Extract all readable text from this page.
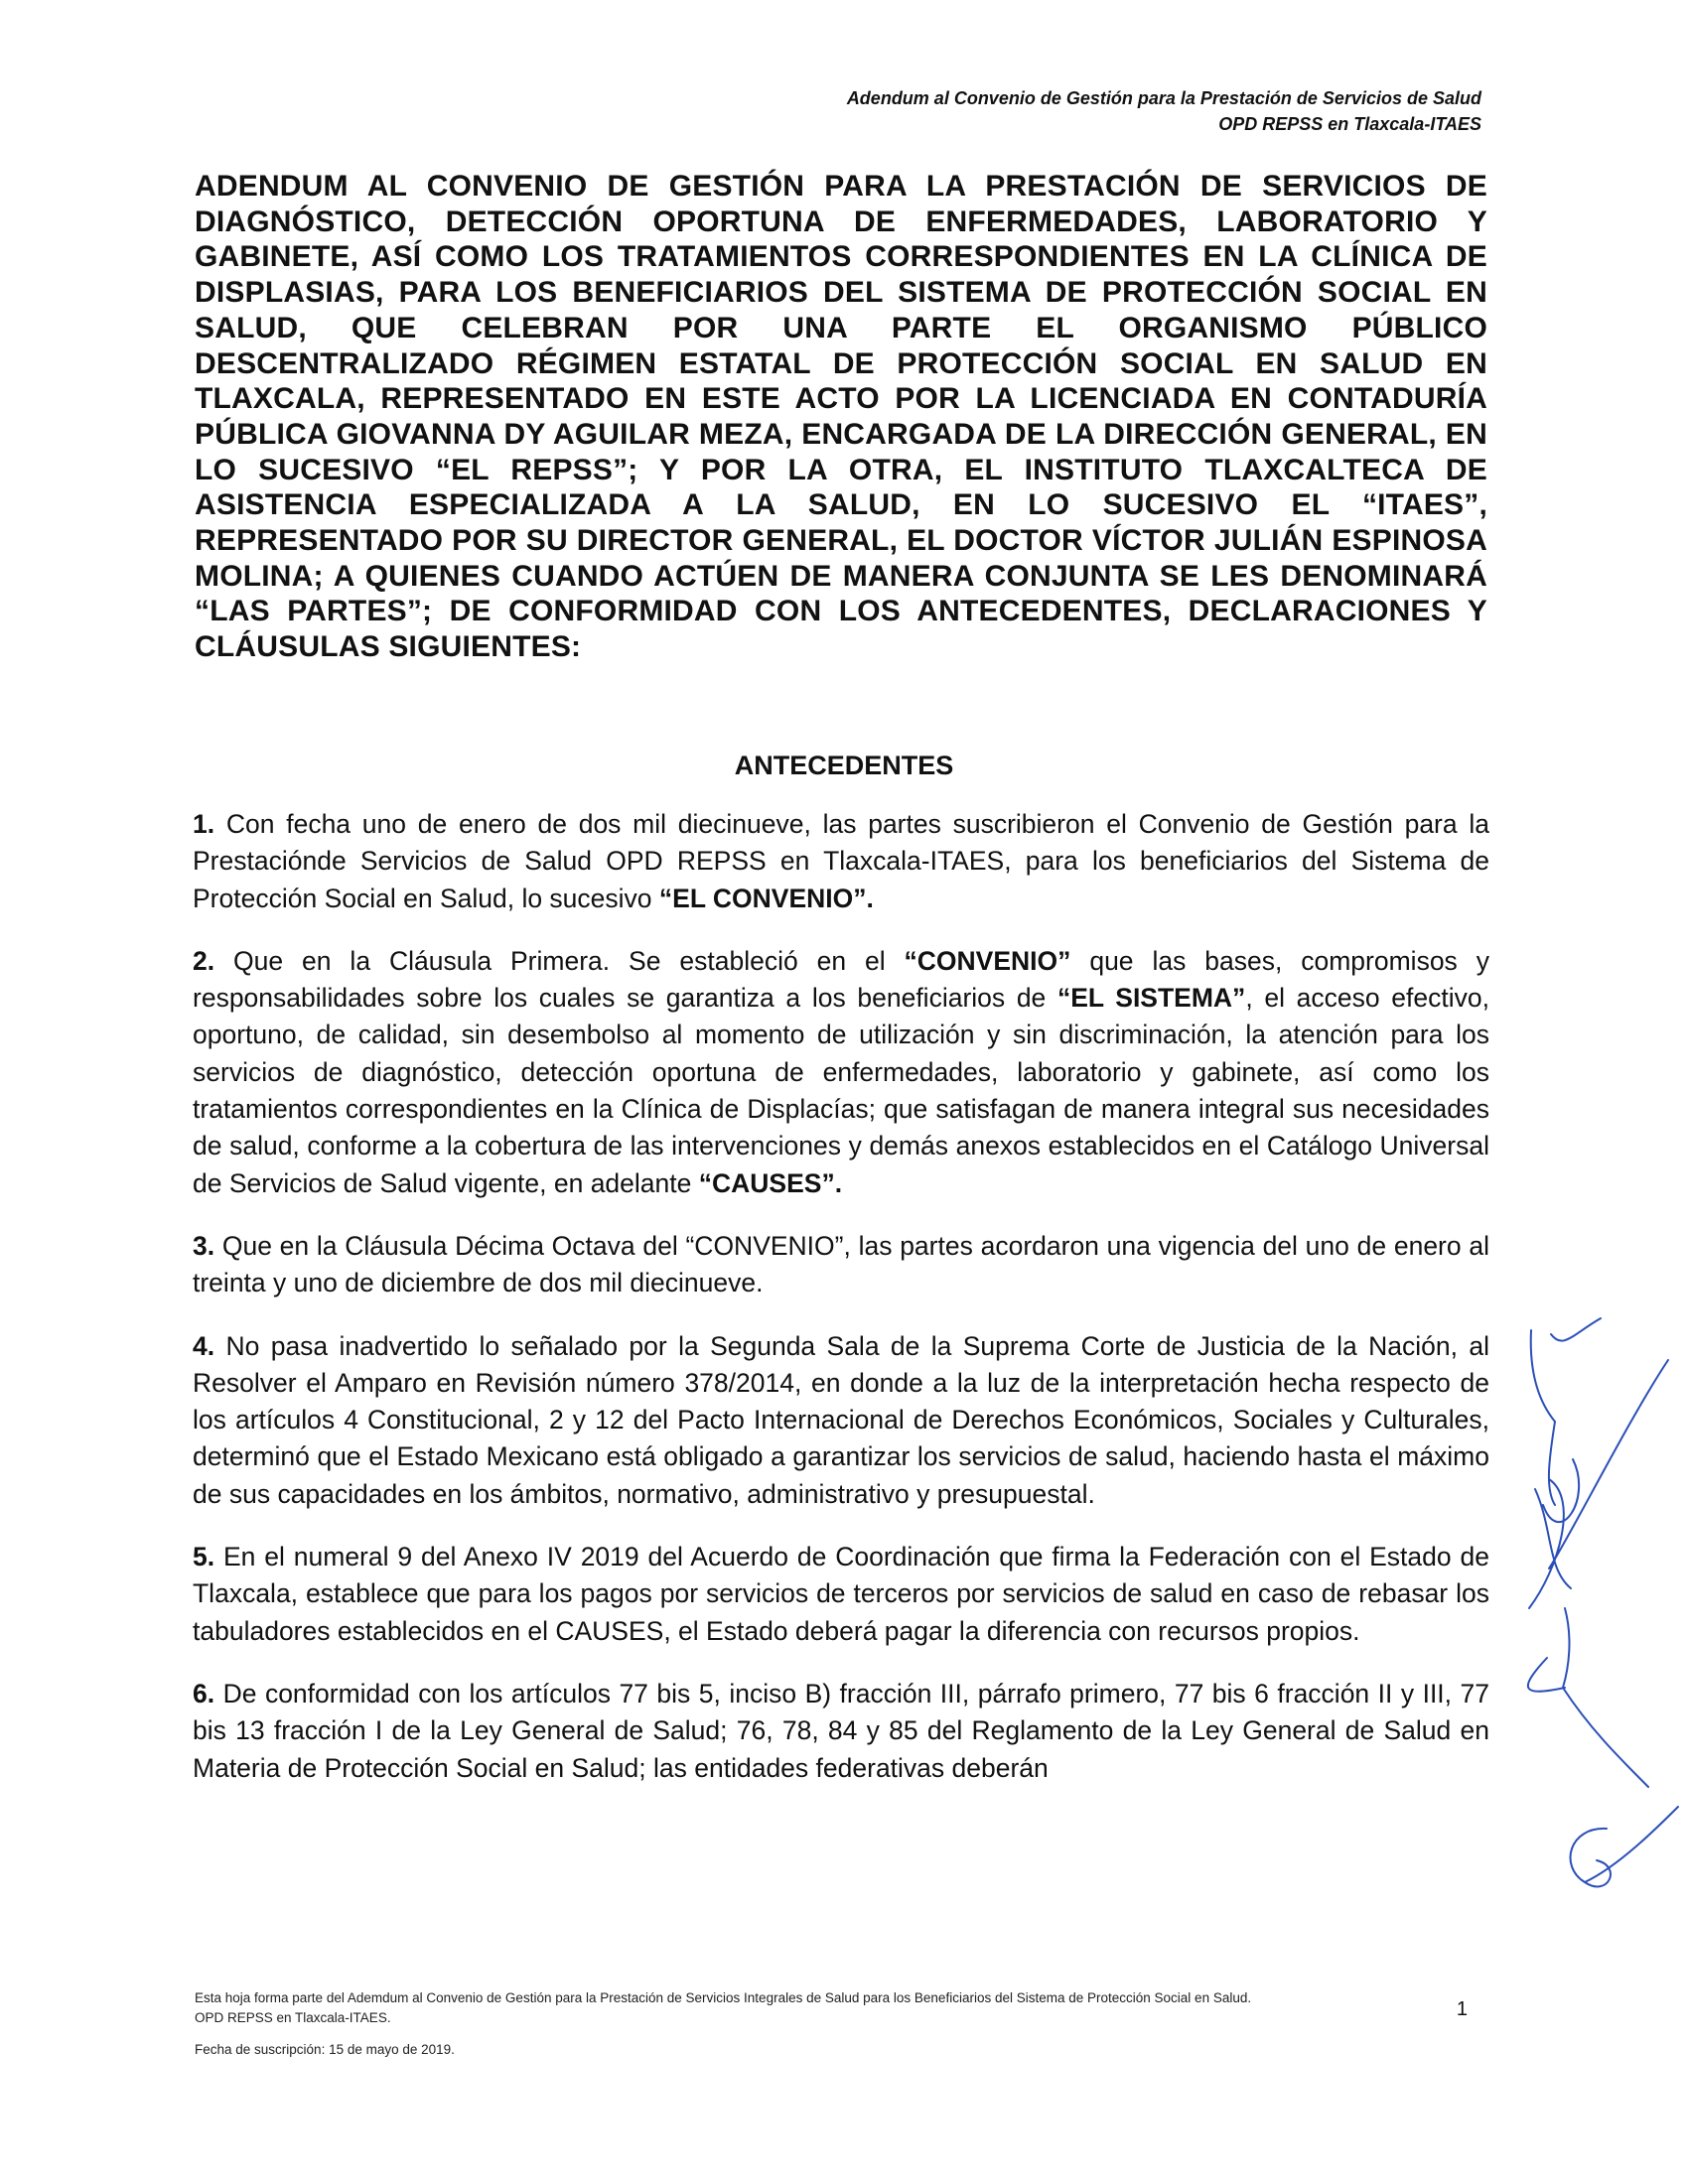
Adendum al Convenio de Gestión para la Prestación de Servicios de Salud
OPD REPSS en Tlaxcala-ITAES

ADENDUM AL CONVENIO DE GESTIÓN PARA LA PRESTACIÓN DE SERVICIOS DE DIAGNÓSTICO, DETECCIÓN OPORTUNA DE ENFERMEDADES, LABORATORIO Y GABINETE, ASÍ COMO LOS TRATAMIENTOS CORRESPONDIENTES EN LA CLÍNICA DE DISPLASIAS, PARA LOS BENEFICIARIOS DEL SISTEMA DE PROTECCIÓN SOCIAL EN SALUD, QUE CELEBRAN POR UNA PARTE EL ORGANISMO PÚBLICO DESCENTRALIZADO RÉGIMEN ESTATAL DE PROTECCIÓN SOCIAL EN SALUD EN TLAXCALA, REPRESENTADO EN ESTE ACTO POR LA LICENCIADA EN CONTADURÍA PÚBLICA GIOVANNA DY AGUILAR MEZA, ENCARGADA DE LA DIRECCIÓN GENERAL, EN LO SUCESIVO “EL REPSS”; Y POR LA OTRA, EL INSTITUTO TLAXCALTECA DE ASISTENCIA ESPECIALIZADA A LA SALUD, EN LO SUCESIVO EL “ITAES”, REPRESENTADO POR SU DIRECTOR GENERAL, EL DOCTOR VÍCTOR JULIÁN ESPINOSA MOLINA; A QUIENES CUANDO ACTÚEN DE MANERA CONJUNTA SE LES DENOMINARÁ “LAS PARTES”; DE CONFORMIDAD CON LOS ANTECEDENTES, DECLARACIONES Y CLÁUSULAS SIGUIENTES:

ANTECEDENTES

1. Con fecha uno de enero de dos mil diecinueve, las partes suscribieron el Convenio de Gestión para la Prestaciónde Servicios de Salud OPD REPSS en Tlaxcala-ITAES, para los beneficiarios del Sistema de Protección Social en Salud, lo sucesivo “EL CONVENIO”.

2. Que en la Cláusula Primera. Se estableció en el “CONVENIO” que las bases, compromisos y responsabilidades sobre los cuales se garantiza a los beneficiarios de “EL SISTEMA”, el acceso efectivo, oportuno, de calidad, sin desembolso al momento de utilización y sin discriminación, la atención para los servicios de diagnóstico, detección oportuna de enfermedades, laboratorio y gabinete, así como los tratamientos correspondientes en la Clínica de Displacías; que satisfagan de manera integral sus necesidades de salud, conforme a la cobertura de las intervenciones y demás anexos establecidos en el Catálogo Universal de Servicios de Salud vigente, en adelante “CAUSES”.

3. Que en la Cláusula Décima Octava del “CONVENIO”, las partes acordaron una vigencia del uno de enero al treinta y uno de diciembre de dos mil diecinueve.

4. No pasa inadvertido lo señalado por la Segunda Sala de la Suprema Corte de Justicia de la Nación, al Resolver el Amparo en Revisión número 378/2014, en donde a la luz de la interpretación hecha respecto de los artículos 4 Constitucional, 2 y 12 del Pacto Internacional de Derechos Económicos, Sociales y Culturales, determinó que el Estado Mexicano está obligado a garantizar los servicios de salud, haciendo hasta el máximo de sus capacidades en los ámbitos, normativo, administrativo y presupuestal.

5. En el numeral 9 del Anexo IV 2019 del Acuerdo de Coordinación que firma la Federación con el Estado de Tlaxcala, establece que para los pagos por servicios de terceros por servicios de salud en caso de rebasar los tabuladores establecidos en el CAUSES, el Estado deberá pagar la diferencia con recursos propios.

6. De conformidad con los artículos 77 bis 5, inciso B) fracción III, párrafo primero, 77 bis 6 fracción II y III, 77 bis 13 fracción I de la Ley General de Salud; 76, 78, 84 y 85 del Reglamento de la Ley General de Salud en Materia de Protección Social en Salud; las entidades federativas deberán

Esta hoja forma parte del Ademdum al Convenio de Gestión para la Prestación de Servicios Integrales de Salud para los Beneficiarios del Sistema de Protección Social en Salud.
OPD REPSS en Tlaxcala-ITAES.
Fecha de suscripción: 15 de mayo de 2019.
1
